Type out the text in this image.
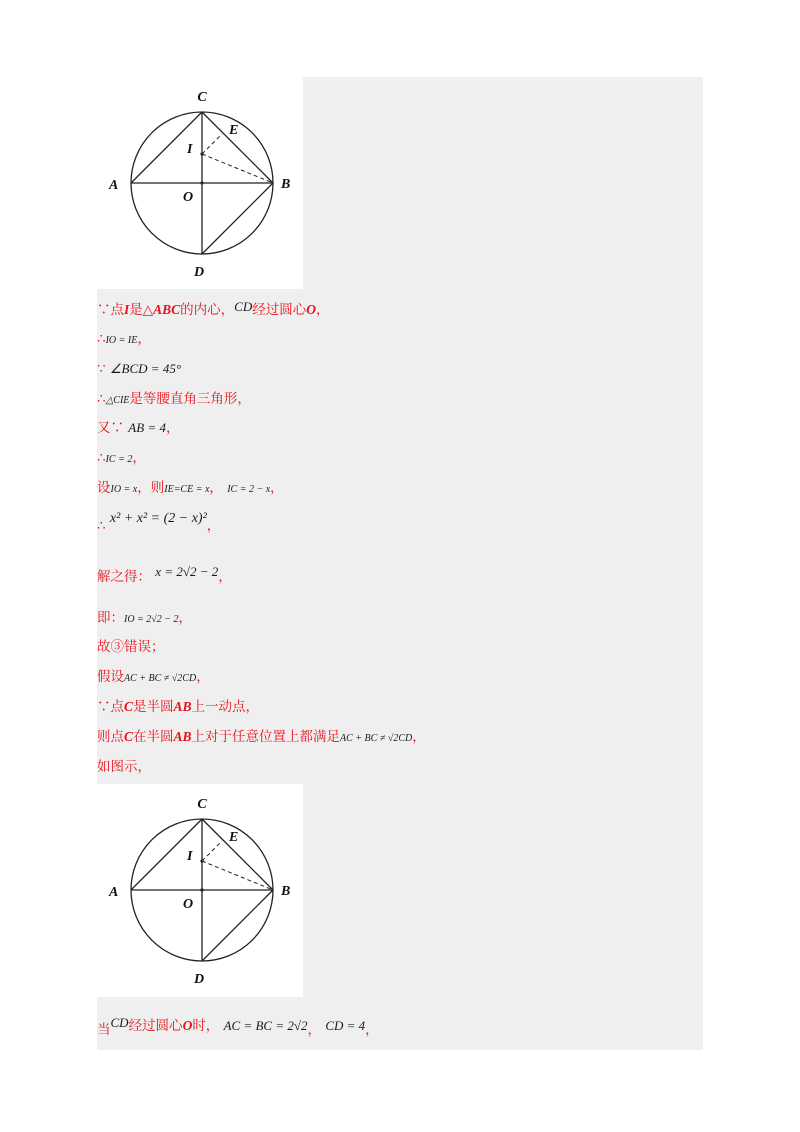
C
E
I
A	B
O
D
∵点I是△ABC的内心，CD经过圆心O，
∴IO = IE，
∵ ∠BCD = 45°
∴△CIE是等腰直角三角形，
又∵ AB = 4，
∴IC = 2，
设IO = x，则IE=CE = x， IC = 2 − x，
∴ x² + x² = (2 − x)²，
解之得： x = 2√2 − 2，
即：IO = 2√2 − 2，
故③错误；
假设AC + BC ≠ √2CD，
∵点C是半圆AB上一动点，
则点C在半圆AB上对于任意位置上都满足AC + BC ≠ √2CD，
如图示，
C
E
I
A	B
O
D
当CD经过圆心O时， AC = BC = 2√2， CD = 4，
